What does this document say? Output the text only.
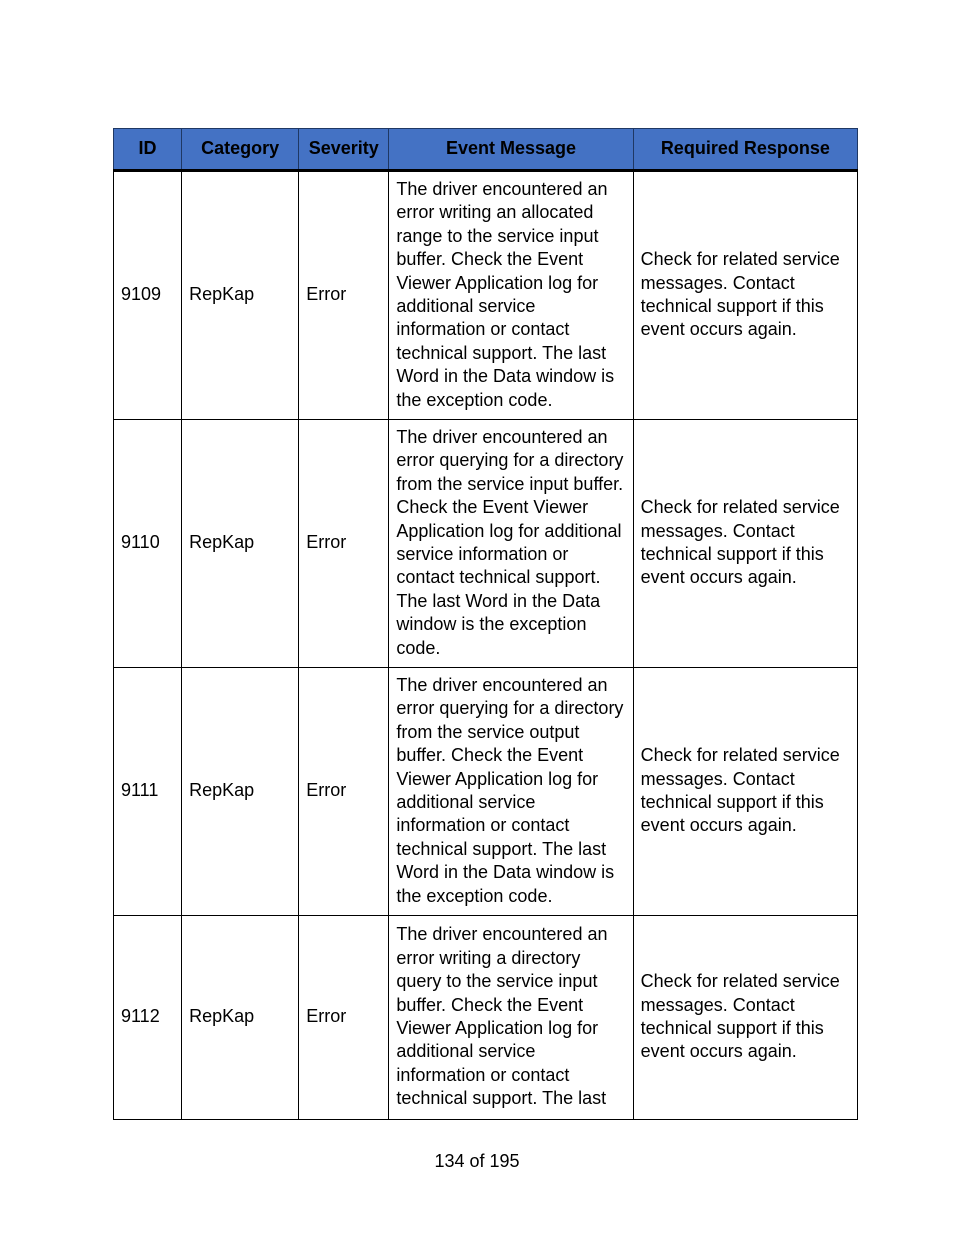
ID	Category	Severity	Event Message	Required Response
9109	RepKap	Error	The driver encountered an error writing an allocated range to the service input buffer. Check the Event Viewer Application log for additional service information or contact technical support. The last Word in the Data window is the exception code.	Check for related service messages. Contact technical support if this event occurs again.
9110	RepKap	Error	The driver encountered an error querying for a directory from the service input buffer. Check the Event Viewer Application log for additional service information or contact technical support. The last Word in the Data window is the exception code.	Check for related service messages. Contact technical support if this event occurs again.
9111	RepKap	Error	The driver encountered an error querying for a directory from the service output buffer. Check the Event Viewer Application log for additional service information or contact technical support. The last Word in the Data window is the exception code.	Check for related service messages. Contact technical support if this event occurs again.
9112	RepKap	Error	The driver encountered an error writing a directory query to the service input buffer. Check the Event Viewer Application log for additional service information or contact technical support. The last	Check for related service messages. Contact technical support if this event occurs again.
134 of 195
